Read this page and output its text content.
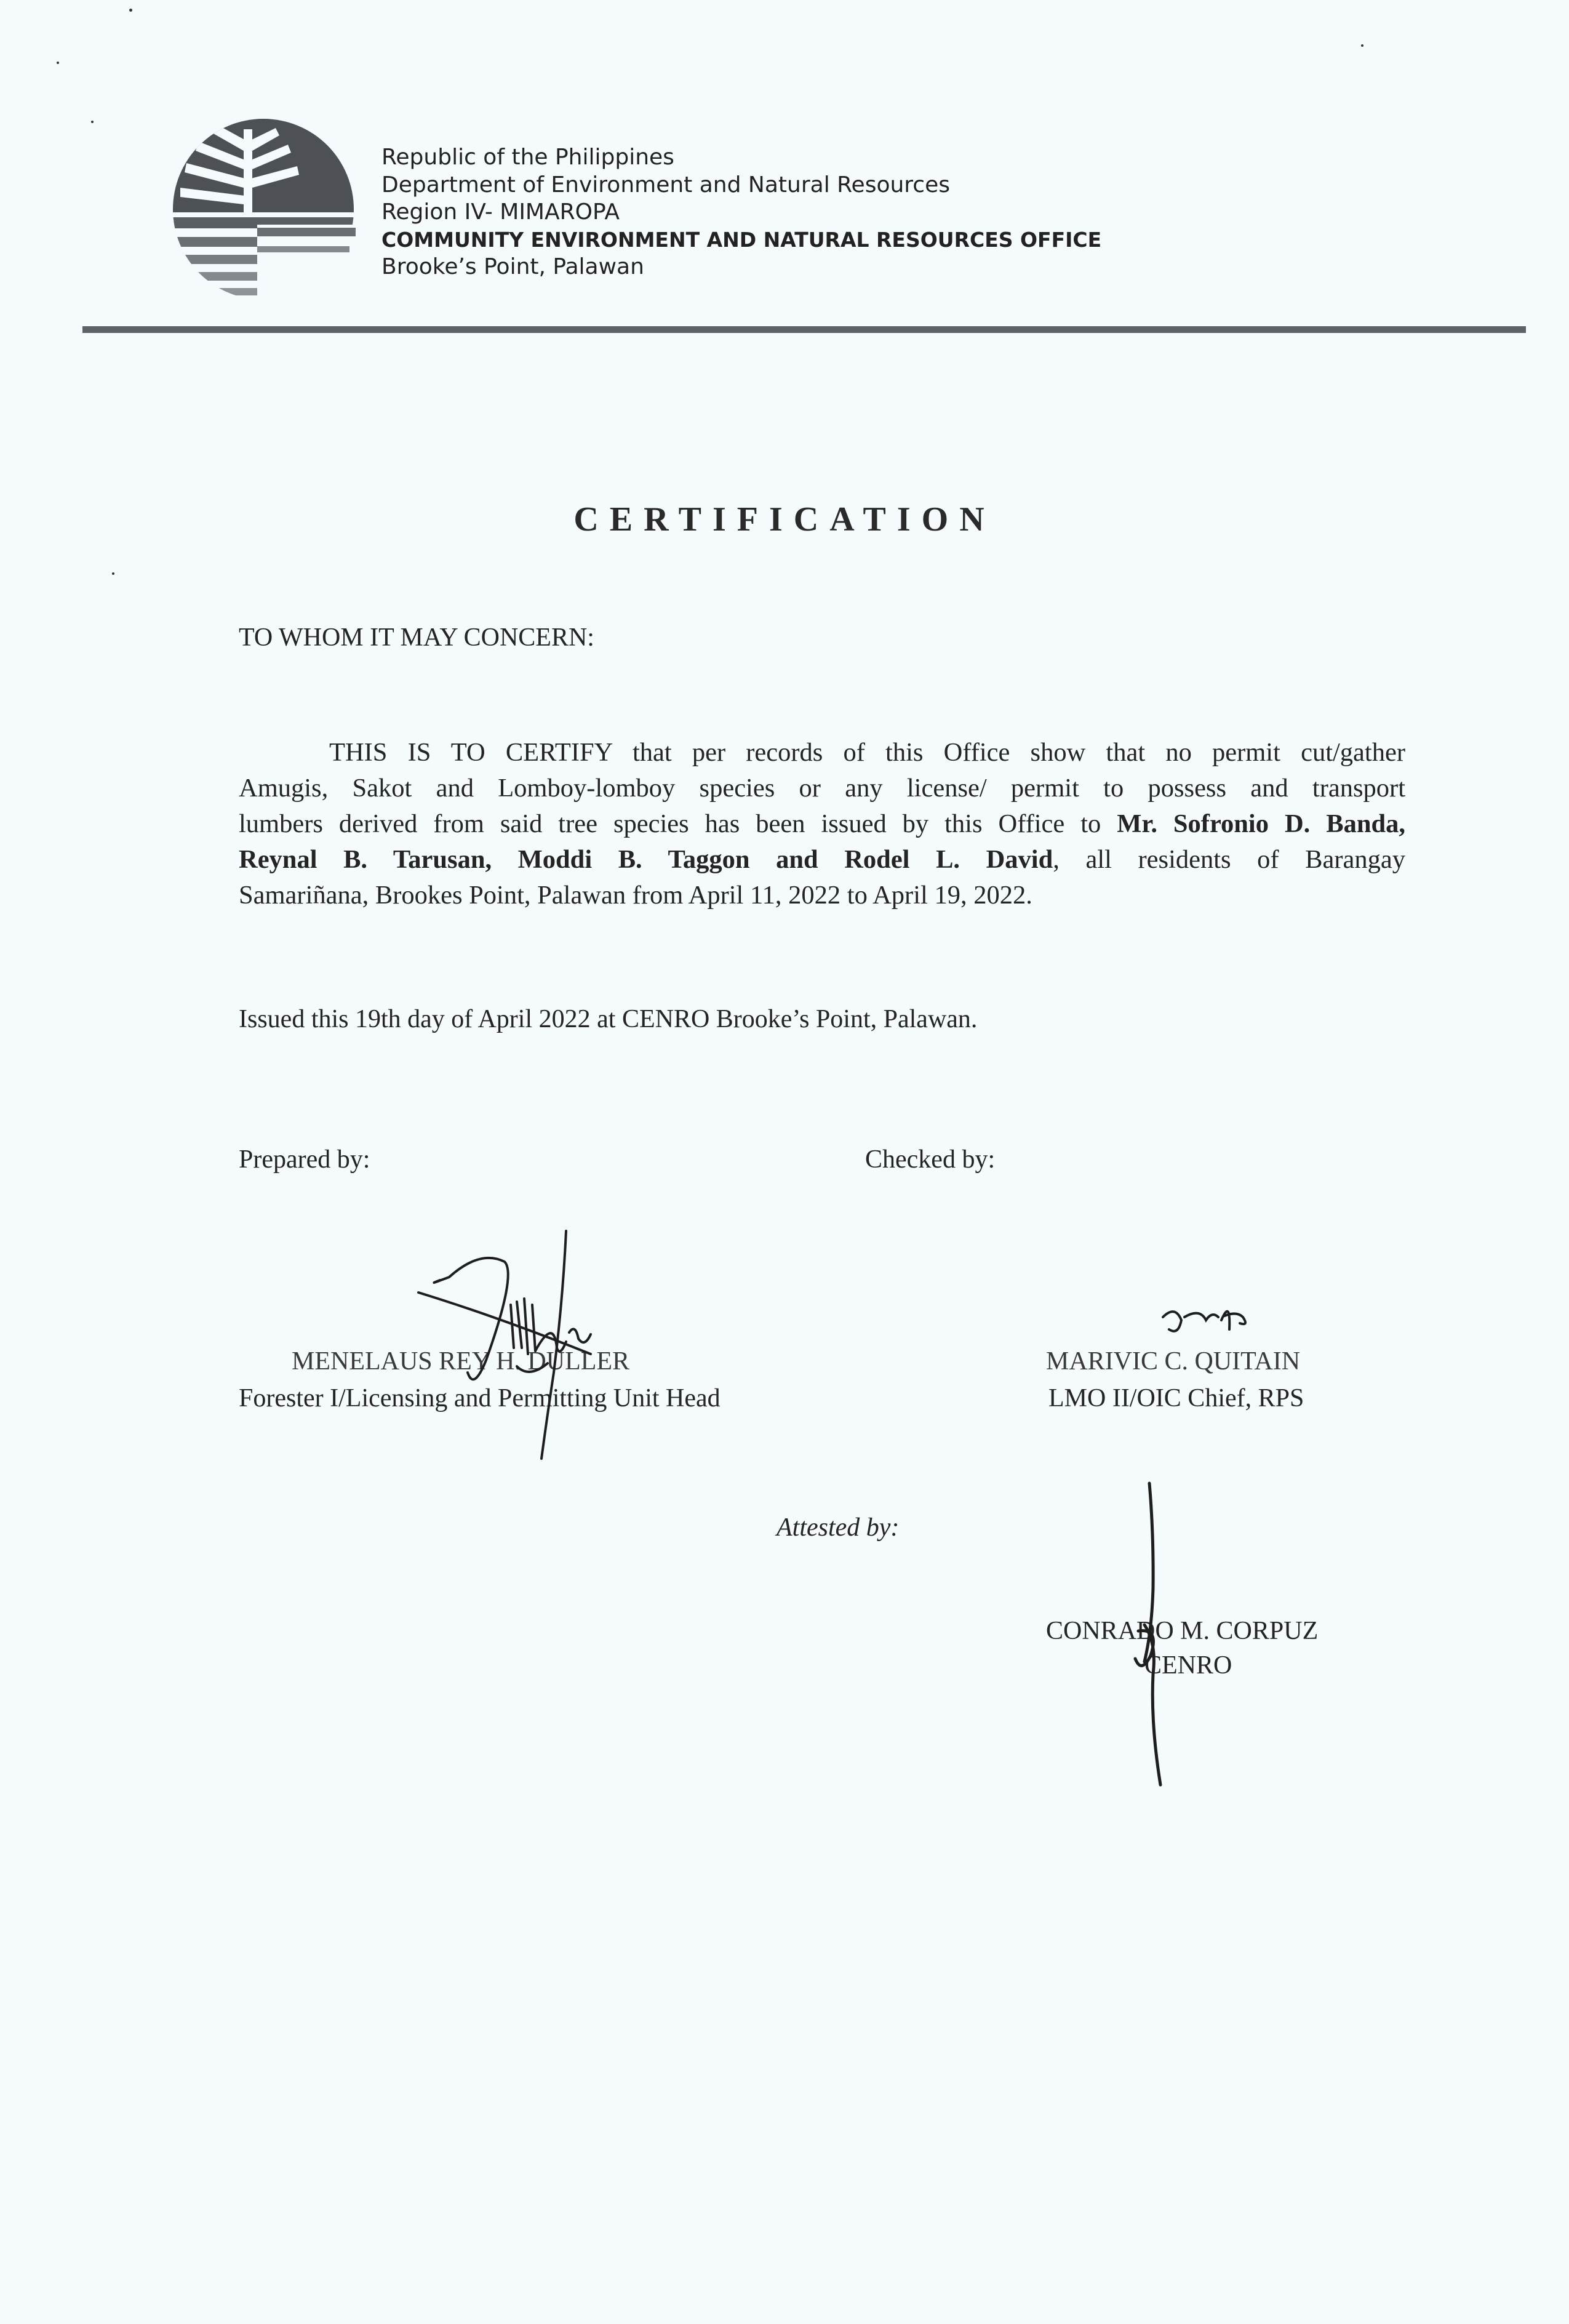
Republic of the Philippines
Department of Environment and Natural Resources
Region IV- MIMAROPA
COMMUNITY ENVIRONMENT AND NATURAL RESOURCES OFFICE
Brooke’s Point, Palawan
CERTIFICATION
TO WHOM IT MAY CONCERN:
THIS IS TO CERTIFY that per records of this Office show that no permit cut/gather
Amugis, Sakot and Lomboy-lomboy species or any license/ permit to possess and transport
lumbers derived from said tree species has been issued by this Office to Mr. Sofronio D. Banda,
Reynal B. Tarusan, Moddi B. Taggon and Rodel L. David, all residents of Barangay
Samariñana, Brookes Point, Palawan from April 11, 2022 to April 19, 2022.
Issued this 19th day of April 2022 at CENRO Brooke’s Point, Palawan.
Prepared by:	Checked by:
MENELAUS REY H. DULLER
Forester I/Licensing and Permitting Unit Head
MARIVIC C. QUITAIN
LMO II/OIC Chief, RPS
Attested by:
CONRADO M. CORPUZ
CENRO
